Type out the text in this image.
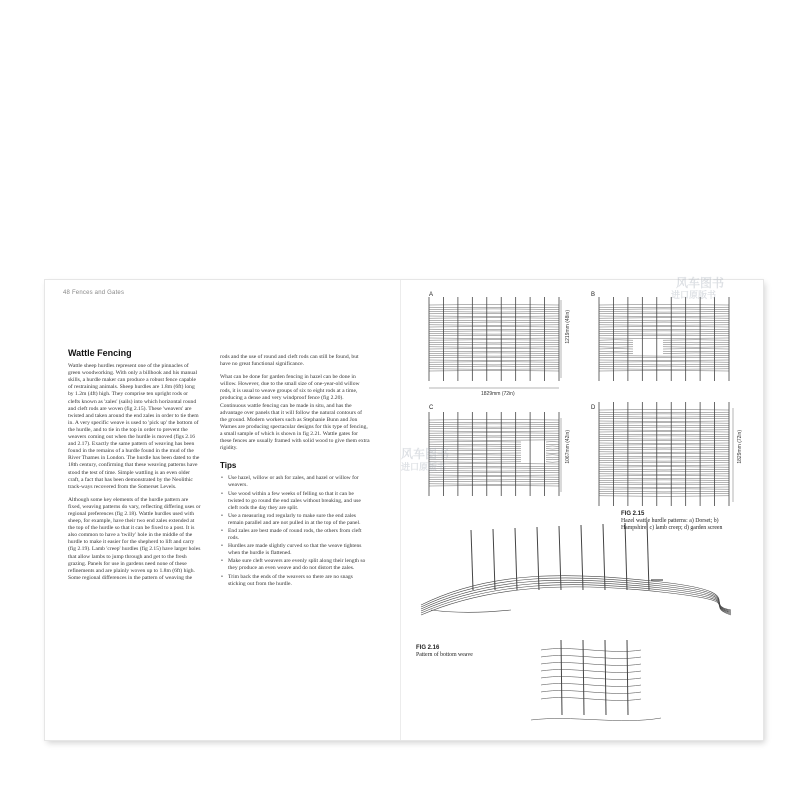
48 Fences and Gates
Wattle Fencing

Wattle sheep hurdles represent one of the pinnacles of green woodworking. With only a billhook and his manual skills, a hurdle maker can produce a robust fence capable of restraining animals. Sheep hurdles are 1.8m (6ft) long by 1.2m (4ft) high. They comprise ten upright rods or clefts known as 'zales' (sails) into which horizontal round and cleft rods are woven (fig 2.15). These 'weavers' are twisted and taken around the end zales in order to tie them in. A very specific weave is used to 'pick up' the bottom of the hurdle, and to tie in the top in order to prevent the weavers coming out when the hurdle is moved (figs 2.16 and 2.17). Exactly the same pattern of weaving has been found in the remains of a hurdle found in the mud of the River Thames in London. The hurdle has been dated to the 18th century, confirming that these weaving patterns have stood the test of time. Simple wattling is an even older craft, a fact that has been demonstrated by the Neolithic track-ways recovered from the Somerset Levels.

Although some key elements of the hurdle pattern are fixed, weaving patterns do vary, reflecting differing uses or regional preferences (fig 2.18). Wattle hurdles used with sheep, for example, have their two end zales extended at the top of the hurdle so that it can be fixed to a post. It is also common to have a 'twilly' hole in the middle of the hurdle to make it easier for the shepherd to lift and carry (fig 2.19). Lamb 'creep' hurdles (fig 2.15) have larger holes that allow lambs to jump through and get to the fresh grazing. Panels for use in gardens need none of these refinements and are plainly woven up to 1.8m (6ft) high. Some regional differences in the pattern of weaving the

rods and the use of round and cleft rods can still be found, but have no great functional significance.

What can be done for garden fencing in hazel can be done in willow. However, due to the small size of one-year-old willow rods, it is usual to weave groups of six to eight rods at a time, producing a dense and very windproof fence (fig 2.20). Continuous wattle fencing can be made in situ, and has the advantage over panels that it will follow the natural contours of the ground. Modern workers such as Stephanie Bunn and Jon Warnes are producing spectacular designs for this type of fencing, a small sample of which is shown in fig 2.21. Wattle gates for these fences are usually framed with solid wood to give them extra rigidity.

Tips
• Use hazel, willow or ash for zales, and hazel or willow for weavers.
• Use wood within a few weeks of felling so that it can be twisted to go round the end zales without breaking, and use cleft rods the day they are split.
• Use a measuring rod regularly to make sure the end zales remain parallel and are not pulled in at the top of the panel.
• End zales are best made of round rods, the others from cleft rods.
• Hurdles are made slightly curved so that the weave tightens when the hurdle is flattened.
• Make sure cleft weavers are evenly split along their length so they produce an even weave and do not distort the zales.
• Trim back the ends of the weavers so there are no snags sticking out from the hurdle.
A	B
C	D
1829mm (72in)
1219mm (48in)
1067mm (42in)	1829mm (72in)
FIG 2.15
Hazel wattle hurdle patterns: a) Dorset; b) Hampshire; c) lamb creep; d) garden screen
FIG 2.16
Pattern of bottom weave
风车图书
进口原版书
风车图书
进口原版书
